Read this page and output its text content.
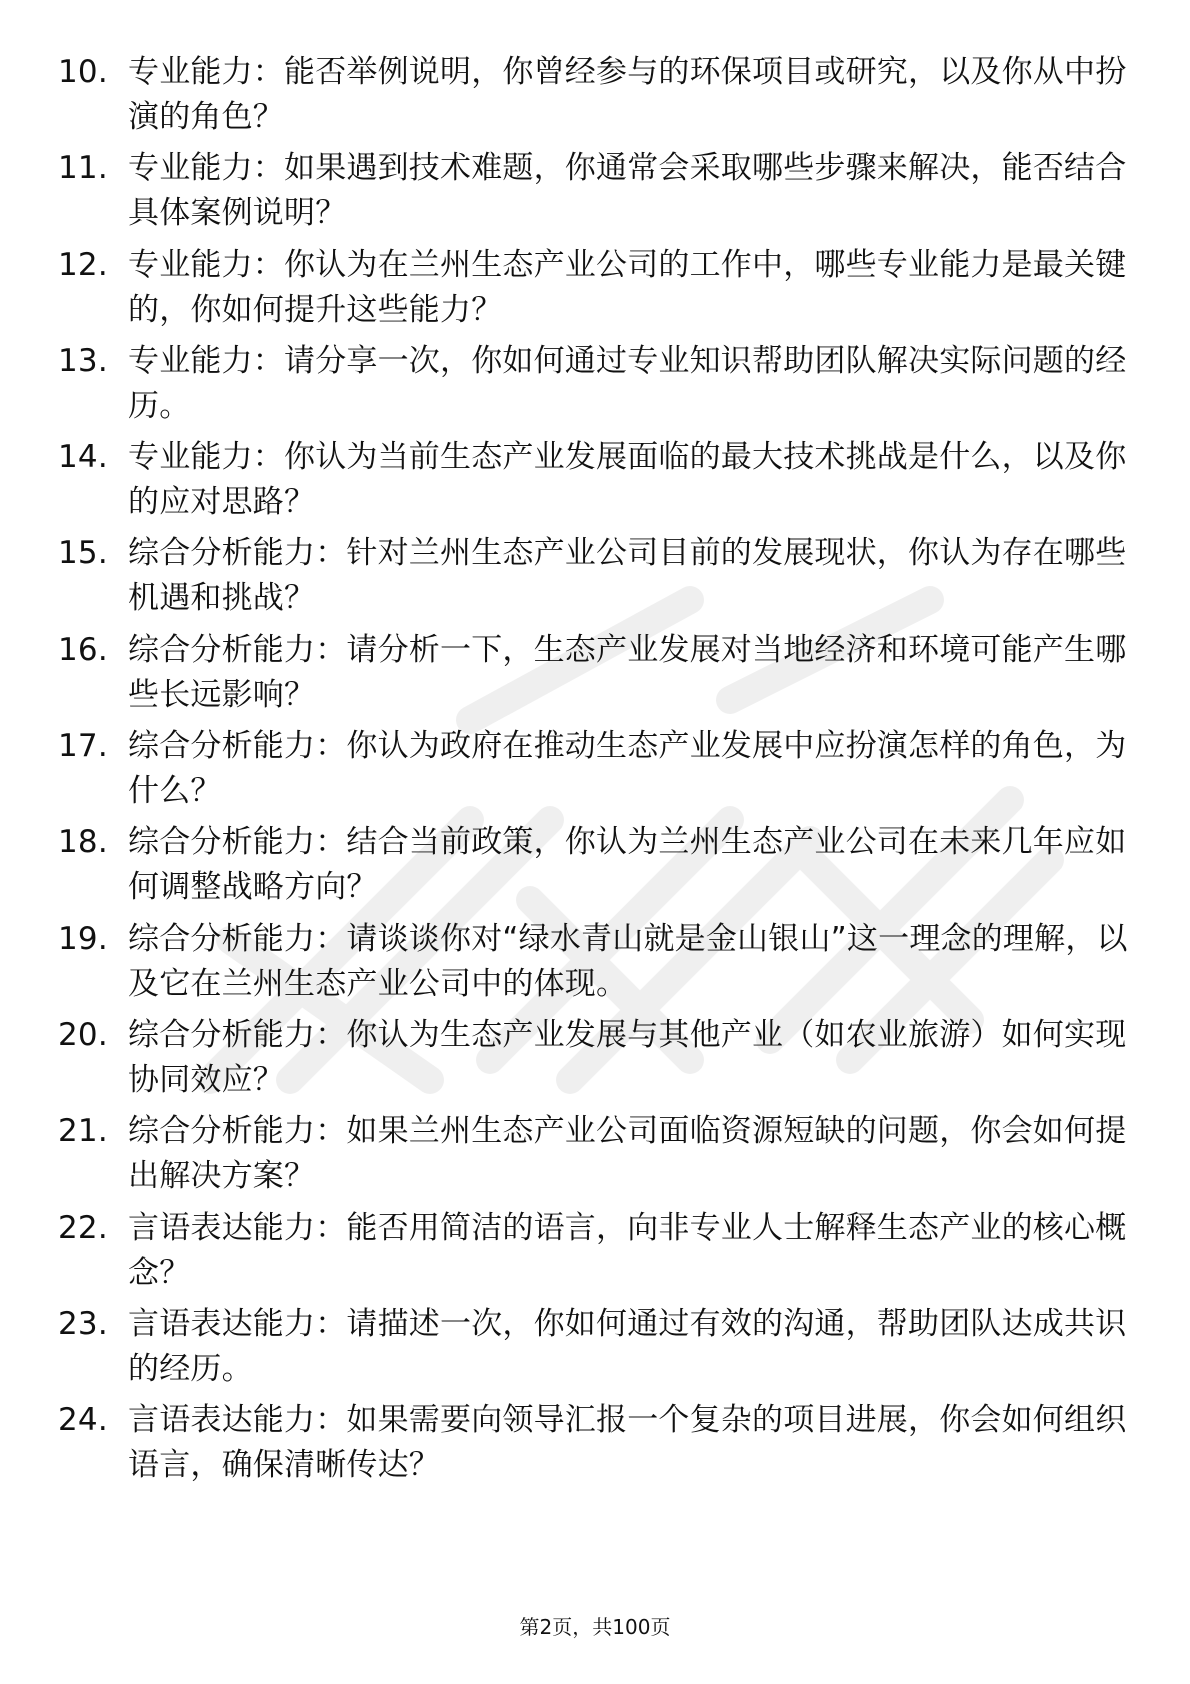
10. 专业能力：能否举例说明，你曾经参与的环保项目或研究，以及你从中扮演的角色？
11. 专业能力：如果遇到技术难题，你通常会采取哪些步骤来解决，能否结合具体案例说明？
12. 专业能力：你认为在兰州生态产业公司的工作中，哪些专业能力是最关键的，你如何提升这些能力？
13. 专业能力：请分享一次，你如何通过专业知识帮助团队解决实际问题的经历。
14. 专业能力：你认为当前生态产业发展面临的最大技术挑战是什么，以及你的应对思路？
15. 综合分析能力：针对兰州生态产业公司目前的发展现状，你认为存在哪些机遇和挑战？
16. 综合分析能力：请分析一下，生态产业发展对当地经济和环境可能产生哪些长远影响？
17. 综合分析能力：你认为政府在推动生态产业发展中应扮演怎样的角色，为什么？
18. 综合分析能力：结合当前政策，你认为兰州生态产业公司在未来几年应如何调整战略方向？
19. 综合分析能力：请谈谈你对“绿水青山就是金山银山”这一理念的理解，以及它在兰州生态产业公司中的体现。
20. 综合分析能力：你认为生态产业发展与其他产业（如农业旅游）如何实现协同效应？
21. 综合分析能力：如果兰州生态产业公司面临资源短缺的问题，你会如何提出解决方案？
22. 言语表达能力：能否用简洁的语言，向非专业人士解释生态产业的核心概念？
23. 言语表达能力：请描述一次，你如何通过有效的沟通，帮助团队达成共识的经历。
24. 言语表达能力：如果需要向领导汇报一个复杂的项目进展，你会如何组织语言，确保清晰传达？
第2页，共100页
